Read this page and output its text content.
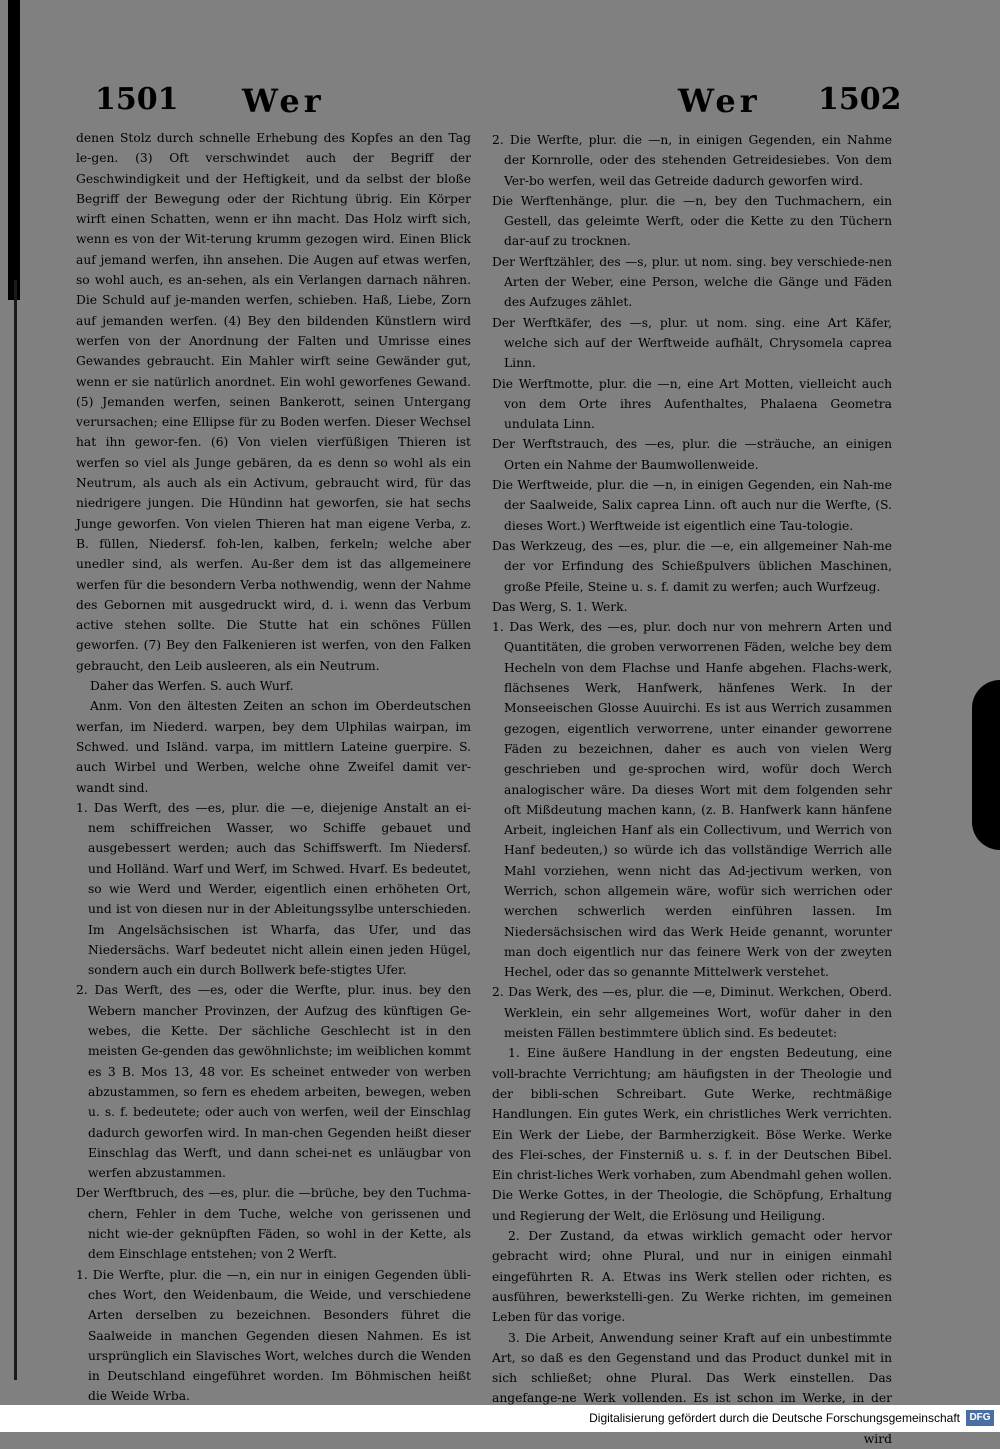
1501 Wer	Wer 1502

denen Stolz durch schnelle Erhebung des Kopfes an den Tag le-gen. (3) Oft verschwindet auch der Begriff der Geschwindigkeit und der Heftigkeit, und da selbst der bloße Begriff der Bewegung oder der Richtung übrig. Ein Körper wirft einen Schatten, wenn er ihn macht. Das Holz wirft sich, wenn es von der Wit-terung krumm gezogen wird. Einen Blick auf jemand werfen, ihn ansehen. Die Augen auf etwas werfen, so wohl auch, es an-sehen, als ein Verlangen darnach nähren. Die Schuld auf je-manden werfen, schieben. Haß, Liebe, Zorn auf jemanden werfen. (4) Bey den bildenden Künstlern wird werfen von der Anordnung der Falten und Umrisse eines Gewandes gebraucht. Ein Mahler wirft seine Gewänder gut, wenn er sie natürlich anordnet. Ein wohl geworfenes Gewand. (5) Jemanden werfen, seinen Bankerott, seinen Untergang verursachen; eine Ellipse für zu Boden werfen. Dieser Wechsel hat ihn gewor-fen. (6) Von vielen vierfüßigen Thieren ist werfen so viel als Junge gebären, da es denn so wohl als ein Neutrum, als auch als ein Activum, gebraucht wird, für das niedrigere jungen. Die Hündinn hat geworfen, sie hat sechs Junge geworfen. Von vielen Thieren hat man eigene Verba, z. B. füllen, Niedersf. foh-len, kalben, ferkeln; welche aber unedler sind, als werfen. Au-ßer dem ist das allgemeinere werfen für die besondern Verba nothwendig, wenn der Nahme des Gebornen mit ausgedruckt wird, d. i. wenn das Verbum active stehen sollte. Die Stutte hat ein schönes Füllen geworfen. (7) Bey den Falkenieren ist werfen, von den Falken gebraucht, den Leib ausleeren, als ein Neutrum.

Daher das Werfen. S. auch Wurf.

Anm. Von den ältesten Zeiten an schon im Oberdeutschen werfan, im Niederd. warpen, bey dem Ulphilas wairpan, im Schwed. und Isländ. varpa, im mittlern Lateine guerpire. S. auch Wirbel und Werben, welche ohne Zweifel damit ver-wandt sind.

1. Das Werft, des —es, plur. die —e, diejenige Anstalt an ei-nem schiffreichen Wasser, wo Schiffe gebauet und ausgebessert werden; auch das Schiffswerft. Im Niedersf. und Holländ. Warf und Werf, im Schwed. Hvarf. Es bedeutet, so wie Werd und Werder, eigentlich einen erhöheten Ort, und ist von diesen nur in der Ableitungssylbe unterschieden. Im Angelsächsischen ist Wharfa, das Ufer, und das Niedersächs. Warf bedeutet nicht allein einen jeden Hügel, sondern auch ein durch Bollwerk befe-stigtes Ufer.

2. Das Werft, des —es, oder die Werfte, plur. inus. bey den Webern mancher Provinzen, der Aufzug des künftigen Ge-webes, die Kette. Der sächliche Geschlecht ist in den meisten Ge-genden das gewöhnlichste; im weiblichen kommt es 3 B. Mos 13, 48 vor. Es scheinet entweder von werben abzustammen, so fern es ehedem arbeiten, bewegen, weben u. s. f. bedeutete; oder auch von werfen, weil der Einschlag dadurch geworfen wird. In man-chen Gegenden heißt dieser Einschlag das Werft, und dann schei-net es unläugbar von werfen abzustammen.

Der Werftbruch, des —es, plur. die —brüche, bey den Tuchma-chern, Fehler in dem Tuche, welche von gerissenen und nicht wie-der geknüpften Fäden, so wohl in der Kette, als dem Einschlage entstehen; von 2 Werft.

1. Die Werfte, plur. die —n, ein nur in einigen Gegenden übli-ches Wort, den Weidenbaum, die Weide, und verschiedene Arten derselben zu bezeichnen. Besonders führet die Saalweide in manchen Gegenden diesen Nahmen. Es ist ursprünglich ein Slavisches Wort, welches durch die Wenden in Deutschland eingeführet worden. Im Böhmischen heißt die Weide Wrba.

2. Die Werfte, plur. die —n, in einigen Gegenden, ein Nahme der Kornrolle, oder des stehenden Getreidesiebes. Von dem Ver-bo werfen, weil das Getreide dadurch geworfen wird.

Die Werftenhänge, plur. die —n, bey den Tuchmachern, ein Gestell, das geleimte Werft, oder die Kette zu den Tüchern dar-auf zu trocknen.

Der Werftzähler, des —s, plur. ut nom. sing. bey verschiede-nen Arten der Weber, eine Person, welche die Gänge und Fäden des Aufzuges zählet.

Der Werftkäfer, des —s, plur. ut nom. sing. eine Art Käfer, welche sich auf der Werftweide aufhält, Chrysomela caprea Linn.

Die Werftmotte, plur. die —n, eine Art Motten, vielleicht auch von dem Orte ihres Aufenthaltes, Phalaena Geometra undulata Linn.

Der Werftstrauch, des —es, plur. die —sträuche, an einigen Orten ein Nahme der Baumwollenweide.

Die Werftweide, plur. die —n, in einigen Gegenden, ein Nah-me der Saalweide, Salix caprea Linn. oft auch nur die Werfte, (S. dieses Wort.) Werftweide ist eigentlich eine Tau-tologie.

Das Werkzeug, des —es, plur. die —e, ein allgemeiner Nah-me der vor Erfindung des Schießpulvers üblichen Maschinen, große Pfeile, Steine u. s. f. damit zu werfen; auch Wurfzeug.

Das Werg, S. 1. Werk.

1. Das Werk, des —es, plur. doch nur von mehrern Arten und Quantitäten, die groben verworrenen Fäden, welche bey dem Hecheln von dem Flachse und Hanfe abgehen. Flachs-werk, flächsenes Werk, Hanfwerk, hänfenes Werk. In der Monseeischen Glosse Auuirchi. Es ist aus Werrich zusammen gezogen, eigentlich verworrene, unter einander geworrene Fäden zu bezeichnen, daher es auch von vielen Werg geschrieben und ge-sprochen wird, wofür doch Werch analogischer wäre. Da dieses Wort mit dem folgenden sehr oft Mißdeutung machen kann, (z. B. Hanfwerk kann hänfene Arbeit, ingleichen Hanf als ein Collectivum, und Werrich von Hanf bedeuten,) so würde ich das vollständige Werrich alle Mahl vorziehen, wenn nicht das Ad-jectivum werken, von Werrich, schon allgemein wäre, wofür sich werrichen oder werchen schwerlich werden einführen lassen. Im Niedersächsischen wird das Werk Heide genannt, worunter man doch eigentlich nur das feinere Werk von der zweyten Hechel, oder das so genannte Mittelwerk verstehet.

2. Das Werk, des —es, plur. die —e, Diminut. Werkchen, Oberd. Werklein, ein sehr allgemeines Wort, wofür daher in den meisten Fällen bestimmtere üblich sind. Es bedeutet:

1. Eine äußere Handlung in der engsten Bedeutung, eine voll-brachte Verrichtung; am häufigsten in der Theologie und der bibli-schen Schreibart. Gute Werke, rechtmäßige Handlungen. Ein gutes Werk, ein christliches Werk verrichten. Ein Werk der Liebe, der Barmherzigkeit. Böse Werke. Werke des Flei-sches, der Finsterniß u. s. f. in der Deutschen Bibel. Ein christ-liches Werk vorhaben, zum Abendmahl gehen wollen. Die Werke Gottes, in der Theologie, die Schöpfung, Erhaltung und Regierung der Welt, die Erlösung und Heiligung.

2. Der Zustand, da etwas wirklich gemacht oder hervor gebracht wird; ohne Plural, und nur in einigen einmahl eingeführten R. A. Etwas ins Werk stellen oder richten, es ausführen, bewerkstelli-gen. Zu Werke richten, im gemeinen Leben für das vorige.

3. Die Arbeit, Anwendung seiner Kraft auf ein unbestimmte Art, so daß es den Gegenstand und das Product dunkel mit in sich schließet; ohne Plural. Das Werk einstellen. Das angefange-ne Werk vollenden. Es ist schon im Werke, in der

wird

Digitalisierung gefördert durch die Deutsche Forschungsgemeinschaft DFG
